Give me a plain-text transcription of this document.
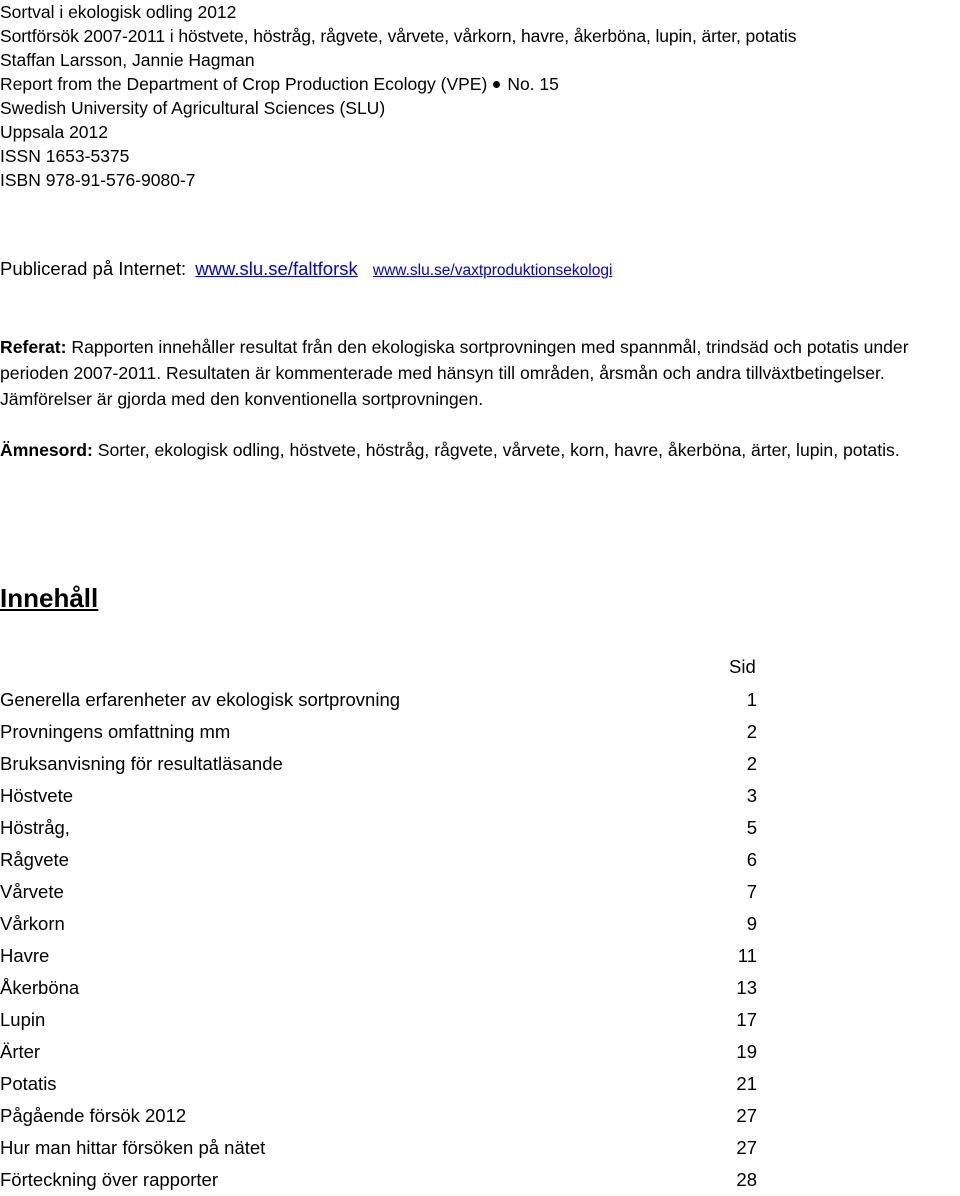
Sortval i ekologisk odling 2012
Sortförsök 2007-2011 i höstvete, höstråg, rågvete, vårvete, vårkorn, havre, åkerböna, lupin, ärter, potatis
Staffan Larsson, Jannie Hagman
Report from the Department of Crop Production Ecology (VPE) No. 15
Swedish University of Agricultural Sciences (SLU)
Uppsala 2012
ISSN 1653-5375
ISBN 978-91-576-9080-7
Publicerad på Internet: www.slu.se/faltforsk www.slu.se/vaxtproduktionsekologi
Referat: Rapporten innehåller resultat från den ekologiska sortprovningen med spannmål, trindsäd och potatis under perioden 2007-2011. Resultaten är kommenterade med hänsyn till områden, årsmån och andra tillväxtbetingelser. Jämförelser är gjorda med den konventionella sortprovningen.
Ämnesord: Sorter, ekologisk odling, höstvete, höstråg, rågvete, vårvete, korn, havre, åkerböna, ärter, lupin, potatis.
Innehåll
Sid
Generella erfarenheter av ekologisk sortprovning	1
Provningens omfattning mm	2
Bruksanvisning för resultatläsande	2
Höstvete	3
Höstråg,	5
Rågvete	6
Vårvete	7
Vårkorn	9
Havre	11
Åkerböna	13
Lupin	17
Ärter	19
Potatis	21
Pågående försök 2012	27
Hur man hittar försöken på nätet	27
Förteckning över rapporter	28
